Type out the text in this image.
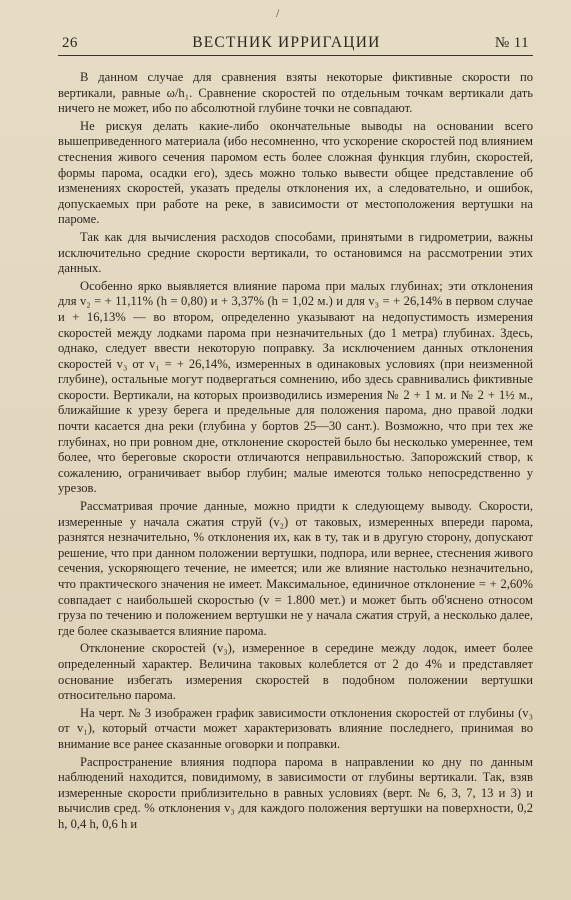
/
26	ВЕСТНИК ИРРИГАЦИИ	№ 11

В данном случае для сравнения взяты некоторые фиктивные скорости по вертикали, равные ω/h₁. Сравнение скоростей по отдельным точкам вертикали дать ничего не может, ибо по абсолютной глубине точки не совпадают.

Не рискуя делать какие-либо окончательные выводы на основании всего вышеприведенного материала (ибо несомненно, что ускорение скоростей под влиянием стеснения живого сечения паромом есть более сложная функция глубин, скоростей, формы парома, осадки его), здесь можно только вывести общее представление об изменениях скоростей, указать пределы отклонения их, а следовательно, и ошибок, допускаемых при работе на реке, в зависимости от местоположения вертушки на пароме.

Так как для вычисления расходов способами, принятыми в гидрометрии, важны исключительно средние скорости вертикали, то остановимся на рассмотрении этих данных.

Особенно ярко выявляется влияние парома при малых глубинах; эти отклонения для v₂ = + 11,11% (h = 0,80) и + 3,37% (h = 1,02 м.) и для v₃ = + 26,14% в первом случае и + 16,13% — во втором, определенно указывают на недопустимость измерения скоростей между лодками парома при незначительных (до 1 метра) глубинах. Здесь, однако, следует ввести некоторую поправку. За исключением данных отклонения скоростей v₃ от v₁ = + 26,14%, измеренных в одинаковых условиях (при неизменной глубине), остальные могут подвергаться сомнению, ибо здесь сравнивались фиктивные скорости. Вертикали, на которых производились измерения № 2 + 1 м. и № 2 + 1½ м., ближайшие к урезу берега и предельные для положения парома, дно правой лодки почти касается дна реки (глубина у бортов 25—30 сант.). Возможно, что при тех же глубинах, но при ровном дне, отклонение скоростей было бы несколько умереннее, тем более, что береговые скорости отличаются неправильностью. Запорожский створ, к сожалению, ограничивает выбор глубин; малые имеются только непосредственно у урезов.

Рассматривая прочие данные, можно придти к следующему выводу. Скорости, измеренные у начала сжатия струй (v₂) от таковых, измеренных впереди парома, разнятся незначительно, % отклонения их, как в ту, так и в другую сторону, допускают решение, что при данном положении вертушки, подпора, или вернее, стеснения живого сечения, ускоряющего течение, не имеется; или же влияние настолько незначительно, что практического значения не имеет. Максимальное, единичное отклонение = + 2,60% совпадает с наибольшей скоростью (v = 1.800 мет.) и может быть об'яснено относом груза по течению и положением вертушки не у начала сжатия струй, а несколько далее, где более сказывается влияние парома.

Отклонение скоростей (v₃), измеренное в середине между лодок, имеет более определенный характер. Величина таковых колеблется от 2 до 4% и представляет основание избегать измерения скоростей в подобном положении вертушки относительно парома.

На черт. № 3 изображен график зависимости отклонения скоростей от глубины (v₃ от v₁), который отчасти может характеризовать влияние последнего, принимая во внимание все ранее сказанные оговорки и поправки.

Распространение влияния подпора парома в направлении ко дну по данным наблюдений находится, повидимому, в зависимости от глубины вертикали. Так, взяв измеренные скорости приблизительно в равных условиях (верт. № 6, 3, 7, 13 и 3) и вычислив сред. % отклонения v₃ для каждого положения вертушки на поверхности, 0,2 h, 0,4 h, 0,6 h и
